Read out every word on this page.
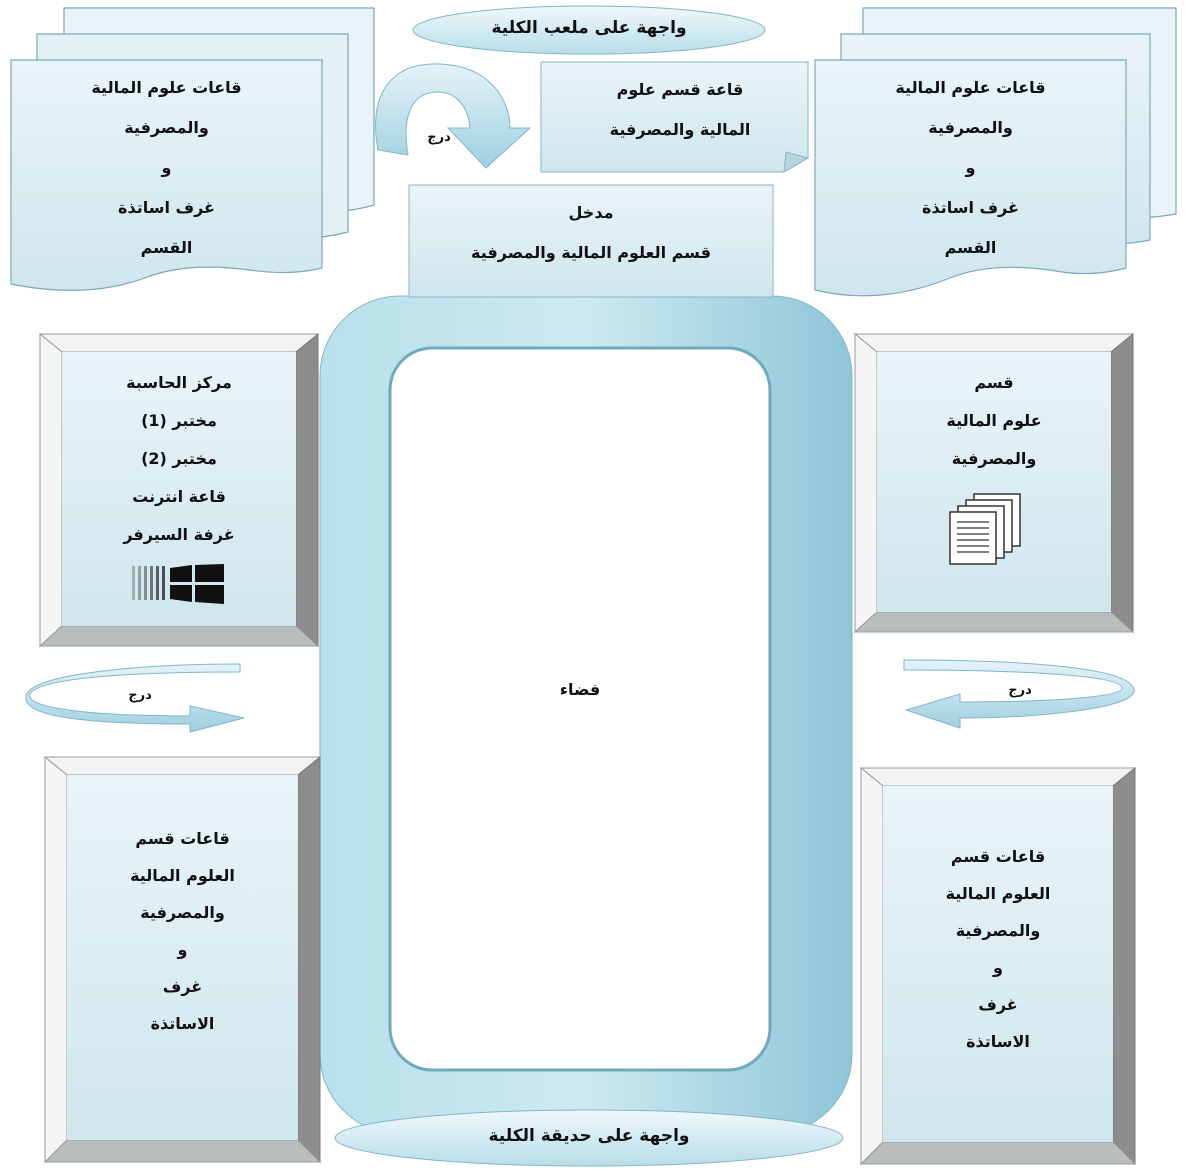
واجهة على ملعب الكلية
واجهة على حديقة الكلية
قاعات علوم المالية
والمصرفية
و
غرف اساتذة
القسم
قاعات علوم المالية
والمصرفية
و
غرف اساتذة
القسم
قاعة قسم علوم
المالية والمصرفية
مدخل
قسم العلوم المالية والمصرفية
درج
مركز الحاسبة
مختبر (1)
مختبر (2)
قاعة انترنت
غرفة السيرفر
قسم
علوم المالية
والمصرفية
قاعات قسم
العلوم المالية
والمصرفية
و
غرف
الاساتذة
قاعات قسم
العلوم المالية
والمصرفية
و
غرف
الاساتذة
فضاء
درج	درج
